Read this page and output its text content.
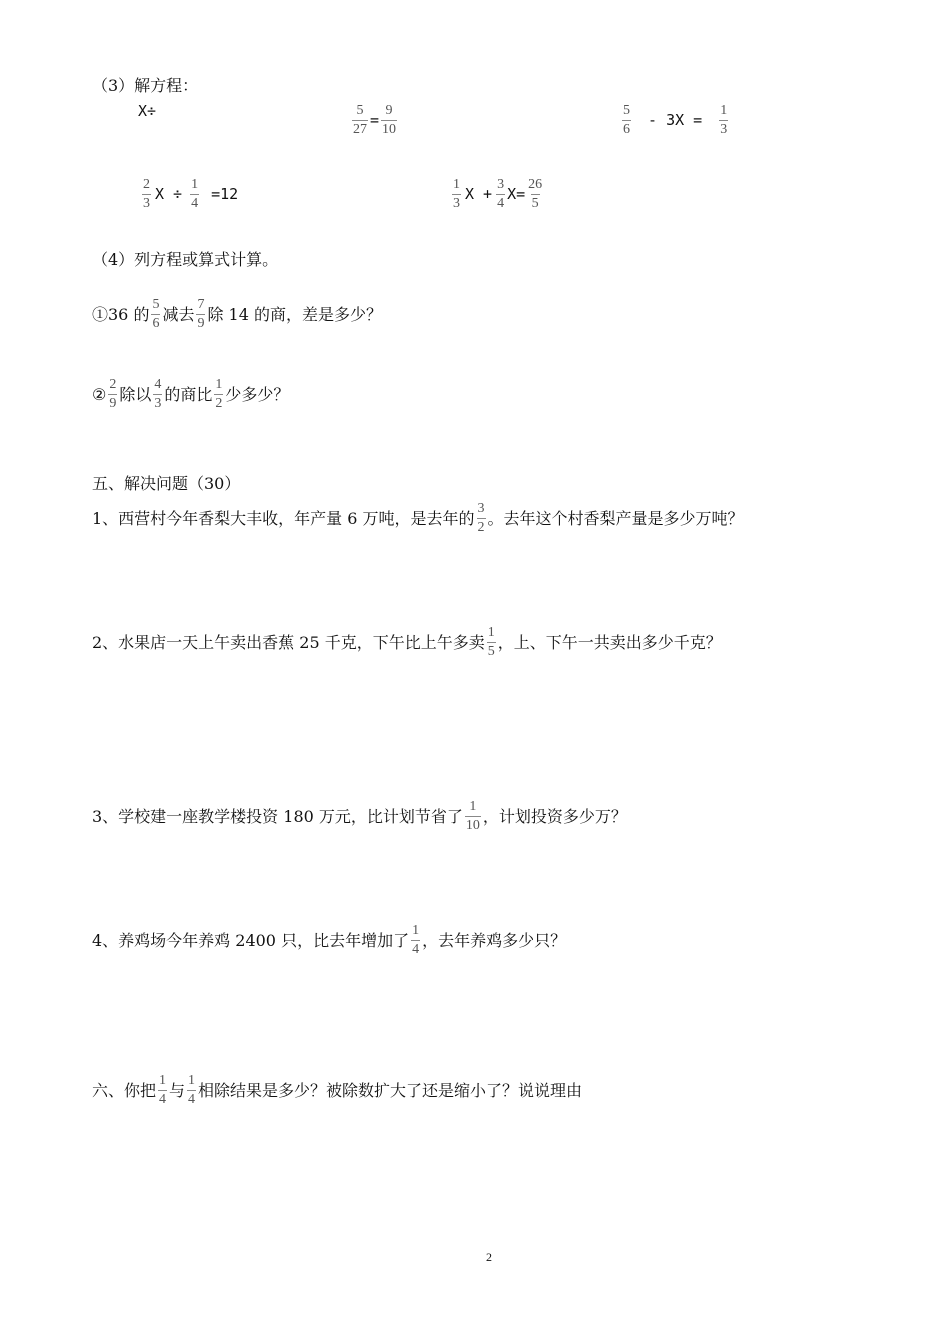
（3）解方程：
X÷	$\frac{5}{27} = \frac{9}{10}$	$\frac{5}{6} - 3X = \frac{1}{3}$
$\frac{2}{3}$ $X \div \frac{1}{4} =12$	$\frac{1}{3}$ $X + \frac{3}{4} X= \frac{26}{5}$
（4）列方程或算式计算。
①36 的 $\frac{5}{6}$ 减去 $\frac{7}{9}$ 除 14 的商，差是多少？
② $\frac{2}{9}$ 除以 $\frac{4}{3}$ 的商比 $\frac{1}{2}$ 少多少？
五、解决问题（30）
1、西营村今年香梨大丰收，年产量 6 万吨，是去年的 $\frac{3}{2}$ 。去年这个村香梨产量是多少万吨？
2、水果店一天上午卖出香蕉 25 千克，下午比上午多卖 $\frac{1}{5}$ ，上、下午一共卖出多少千克？
3、学校建一座教学楼投资 180 万元，比计划节省了 $\frac{1}{10}$ ，计划投资多少万？
4、养鸡场今年养鸡 2400 只，比去年增加了 $\frac{1}{4}$ ，去年养鸡多少只？
六、你把 $\frac{1}{4}$ 与 $\frac{1}{4}$ 相除结果是多少？被除数扩大了还是缩小了？说说理由
2
